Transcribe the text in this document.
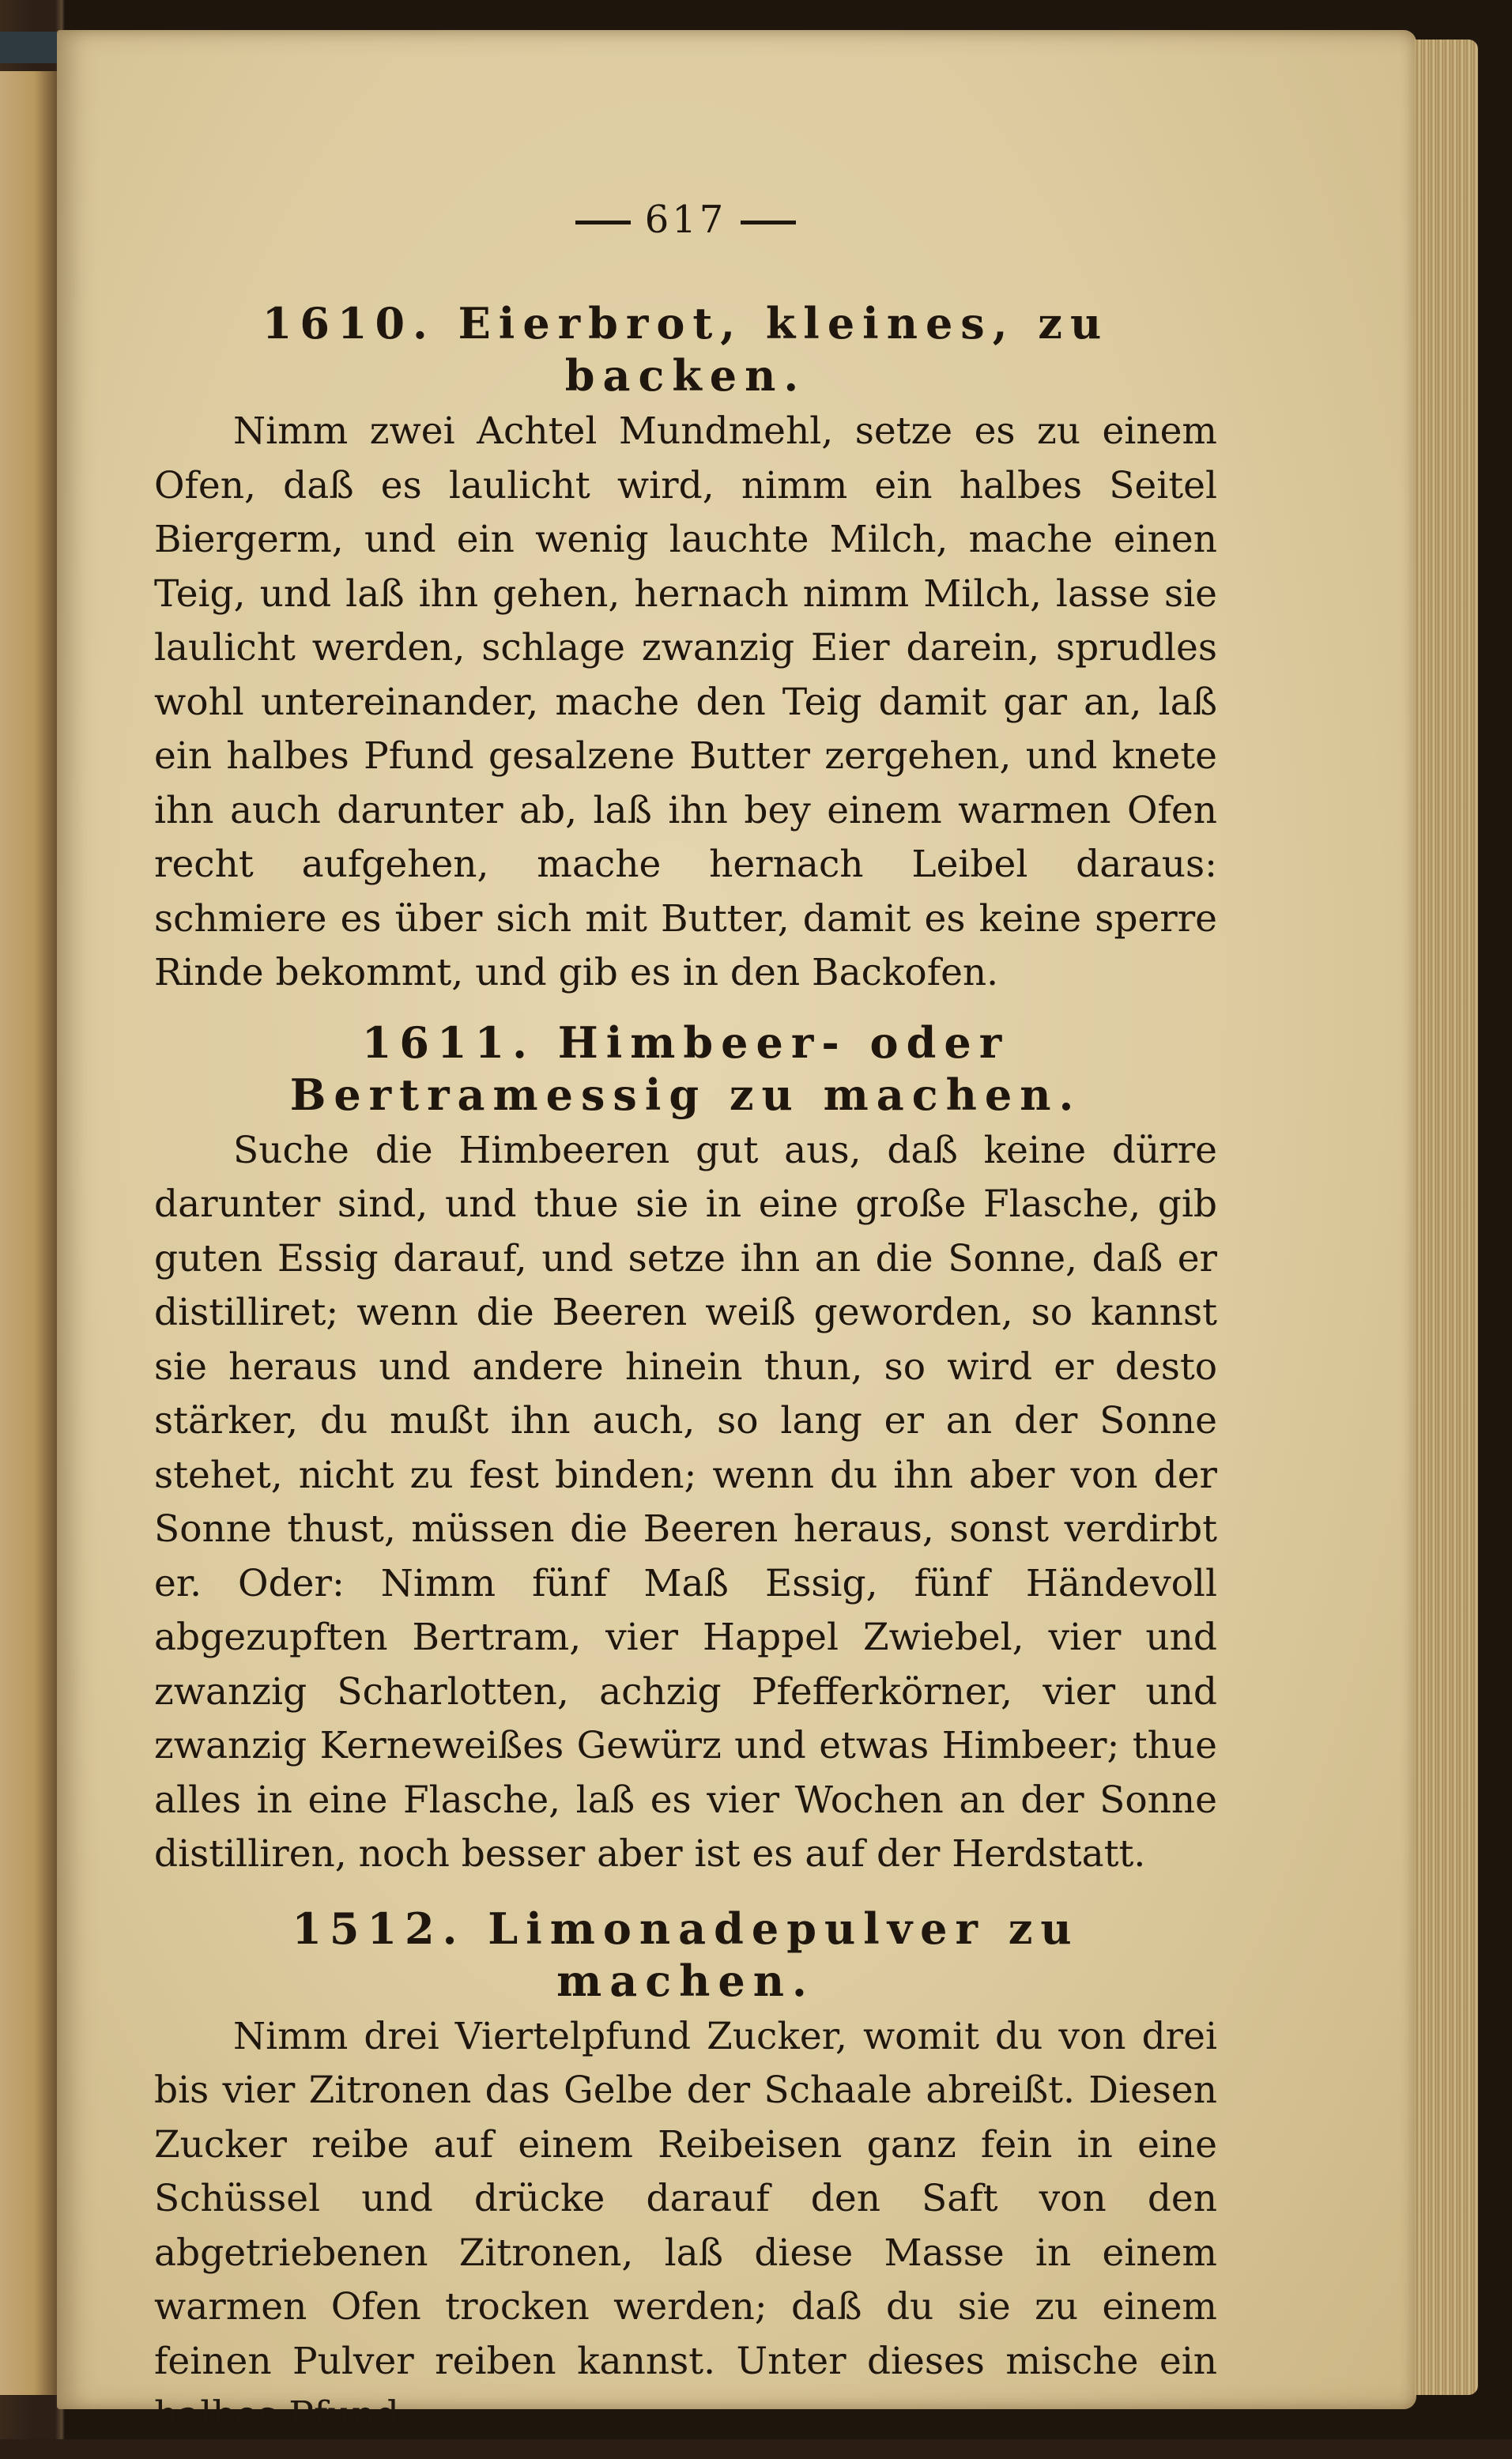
617
1610. Eierbrot, kleines, zu backen.

Nimm zwei Achtel Mundmehl, setze es zu einem Ofen, daß es laulicht wird, nimm ein halbes Seitel Biergerm, und ein wenig lauchte Milch, mache einen Teig, und laß ihn gehen, hernach nimm Milch, lasse sie laulicht werden, schlage zwanzig Eier darein, sprudles wohl untereinander, mache den Teig damit gar an, laß ein halbes Pfund gesalzene Butter zergehen, und knete ihn auch darunter ab, laß ihn bey einem warmen Ofen recht aufgehen, mache hernach Leibel daraus: schmiere es über sich mit Butter, damit es keine sperre Rinde bekommt, und gib es in den Backofen.

1611. Himbeer- oder Bertramessig zu machen.

Suche die Himbeeren gut aus, daß keine dürre darunter sind, und thue sie in eine große Flasche, gib guten Essig darauf, und setze ihn an die Sonne, daß er distilliret; wenn die Beeren weiß geworden, so kannst sie heraus und andere hinein thun, so wird er desto stärker, du mußt ihn auch, so lang er an der Sonne stehet, nicht zu fest binden; wenn du ihn aber von der Sonne thust, müssen die Beeren heraus, sonst verdirbt er. Oder: Nimm fünf Maß Essig, fünf Händevoll abgezupften Bertram, vier Happel Zwiebel, vier und zwanzig Scharlotten, achzig Pfefferkörner, vier und zwanzig Kerneweißes Gewürz und etwas Himbeer; thue alles in eine Flasche, laß es vier Wochen an der Sonne distilliren, noch besser aber ist es auf der Herdstatt.

1512. Limonadepulver zu machen.

Nimm drei Viertelpfund Zucker, womit du von drei bis vier Zitronen das Gelbe der Schaale abreißt. Diesen Zucker reibe auf einem Reibeisen ganz fein in eine Schüssel und drücke darauf den Saft von den abgetriebenen Zitronen, laß diese Masse in einem warmen Ofen trocken werden; daß du sie zu einem feinen Pulver reiben kannst. Unter dieses mische ein halbes Pfund
